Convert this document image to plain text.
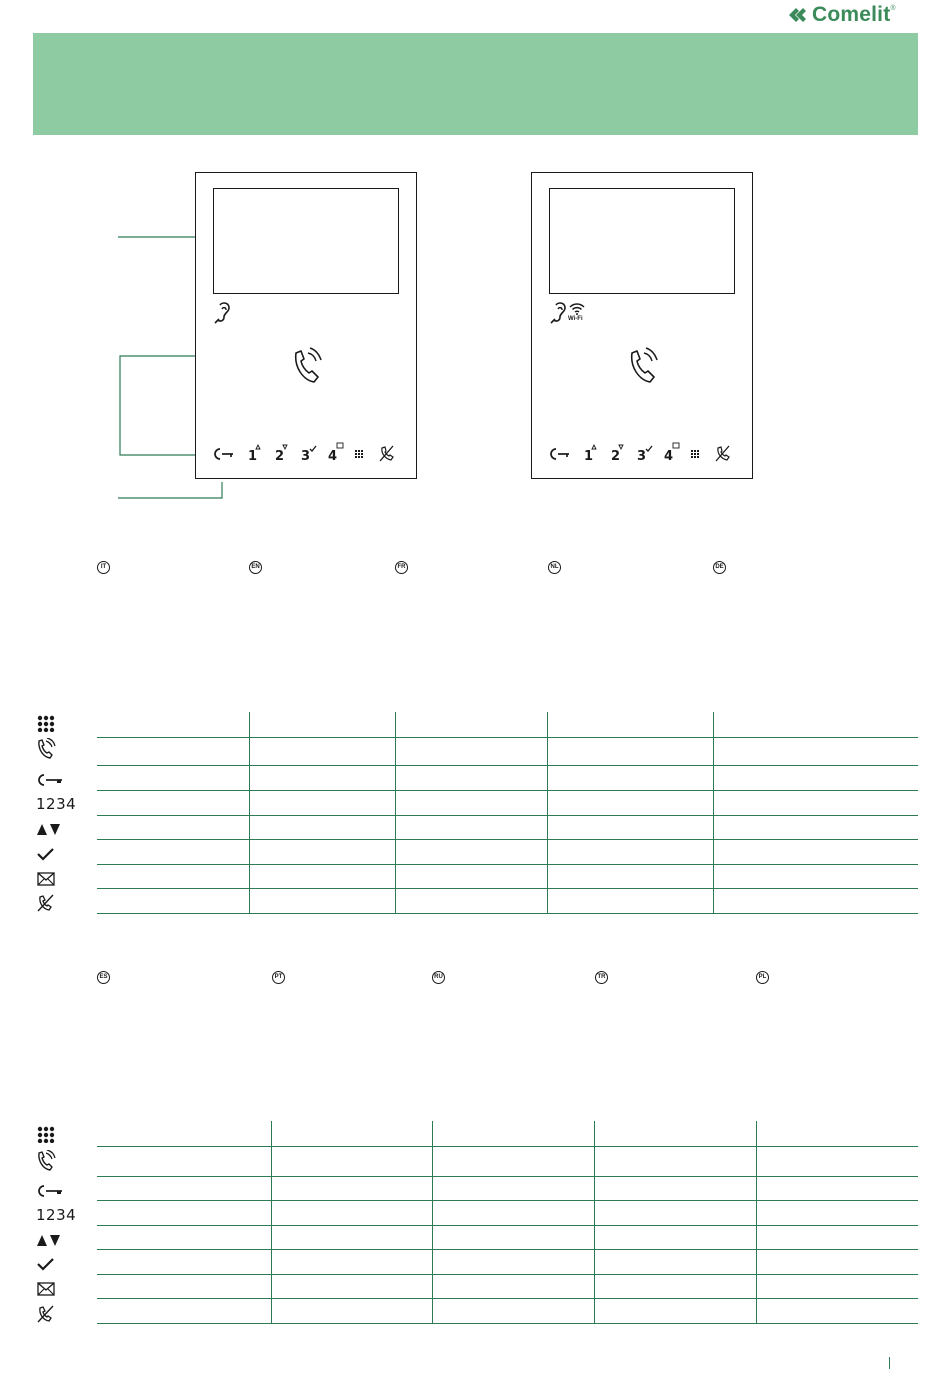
Comelit ®
1 2 3 4
Wi-Fi
1 2 3 4
IT	EN	FR	NL	DE
1234
ES	PT	RU	TR	PL
1234
